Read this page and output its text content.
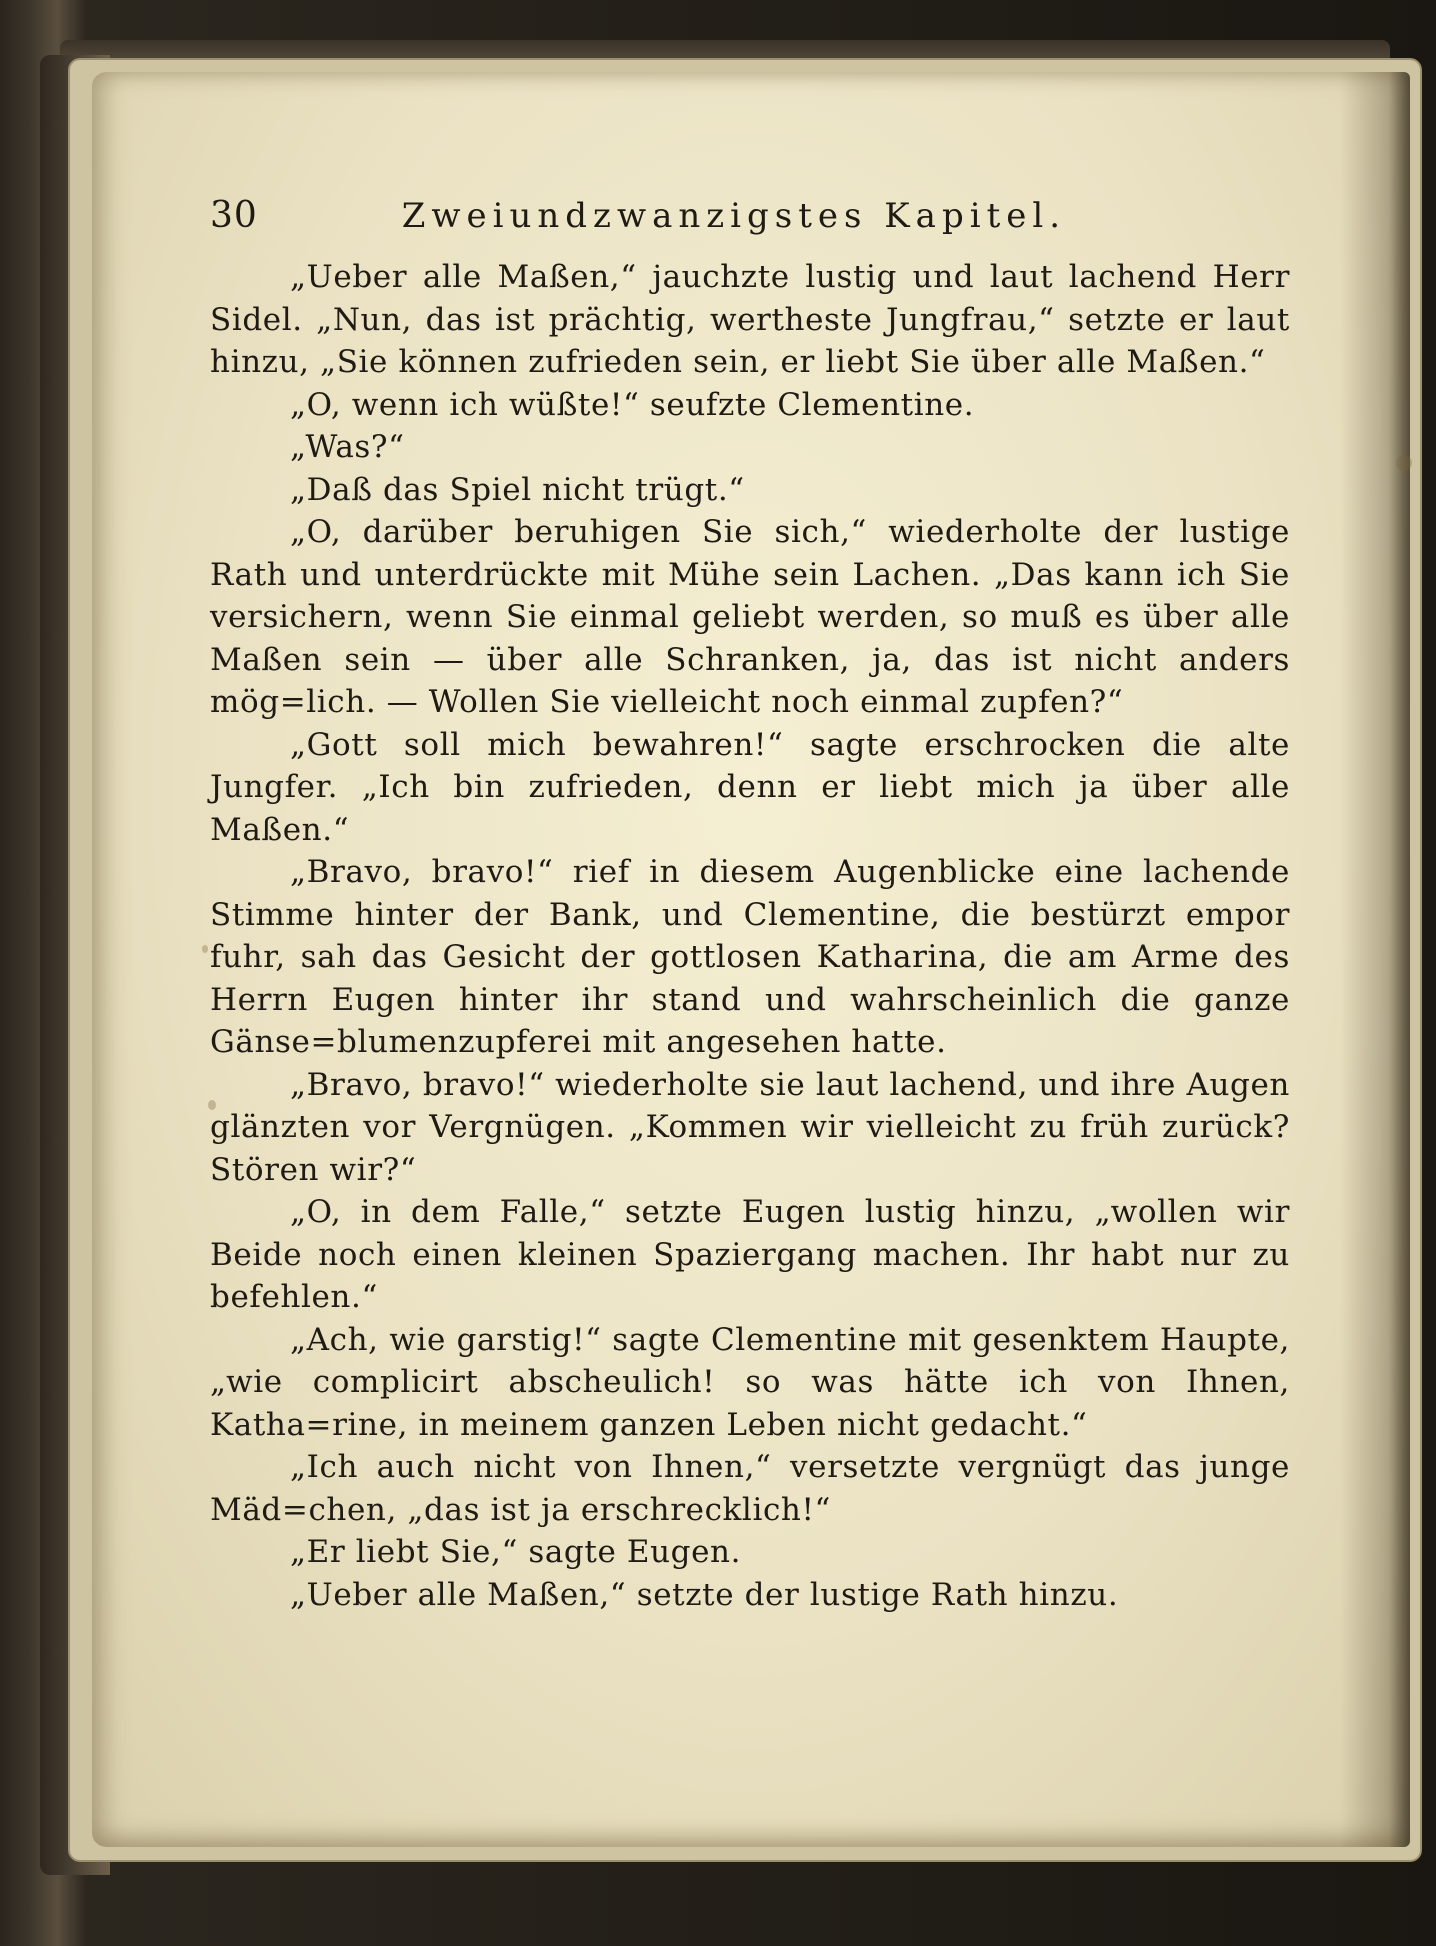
30	Zweiundzwanzigstes Kapitel.

„Ueber alle Maßen,“ jauchzte lustig und laut lachend Herr Sidel. „Nun, das ist prächtig, wertheste Jungfrau,“ setzte er laut hinzu, „Sie können zufrieden sein, er liebt Sie über alle Maßen.“

„O, wenn ich wüßte!“ seufzte Clementine.

„Was?“

„Daß das Spiel nicht trügt.“

„O, darüber beruhigen Sie sich,“ wiederholte der lustige Rath und unterdrückte mit Mühe sein Lachen. „Das kann ich Sie versichern, wenn Sie einmal geliebt werden, so muß es über alle Maßen sein — über alle Schranken, ja, das ist nicht anders mög=lich. — Wollen Sie vielleicht noch einmal zupfen?“

„Gott soll mich bewahren!“ sagte erschrocken die alte Jungfer. „Ich bin zufrieden, denn er liebt mich ja über alle Maßen.“

„Bravo, bravo!“ rief in diesem Augenblicke eine lachende Stimme hinter der Bank, und Clementine, die bestürzt empor fuhr, sah das Gesicht der gottlosen Katharina, die am Arme des Herrn Eugen hinter ihr stand und wahrscheinlich die ganze Gänse=blumenzupferei mit angesehen hatte.

„Bravo, bravo!“ wiederholte sie laut lachend, und ihre Augen glänzten vor Vergnügen. „Kommen wir vielleicht zu früh zurück? Stören wir?“

„O, in dem Falle,“ setzte Eugen lustig hinzu, „wollen wir Beide noch einen kleinen Spaziergang machen. Ihr habt nur zu befehlen.“

„Ach, wie garstig!“ sagte Clementine mit gesenktem Haupte, „wie complicirt abscheulich! so was hätte ich von Ihnen, Katha=rine, in meinem ganzen Leben nicht gedacht.“

„Ich auch nicht von Ihnen,“ versetzte vergnügt das junge Mäd=chen, „das ist ja erschrecklich!“

„Er liebt Sie,“ sagte Eugen.

„Ueber alle Maßen,“ setzte der lustige Rath hinzu.
